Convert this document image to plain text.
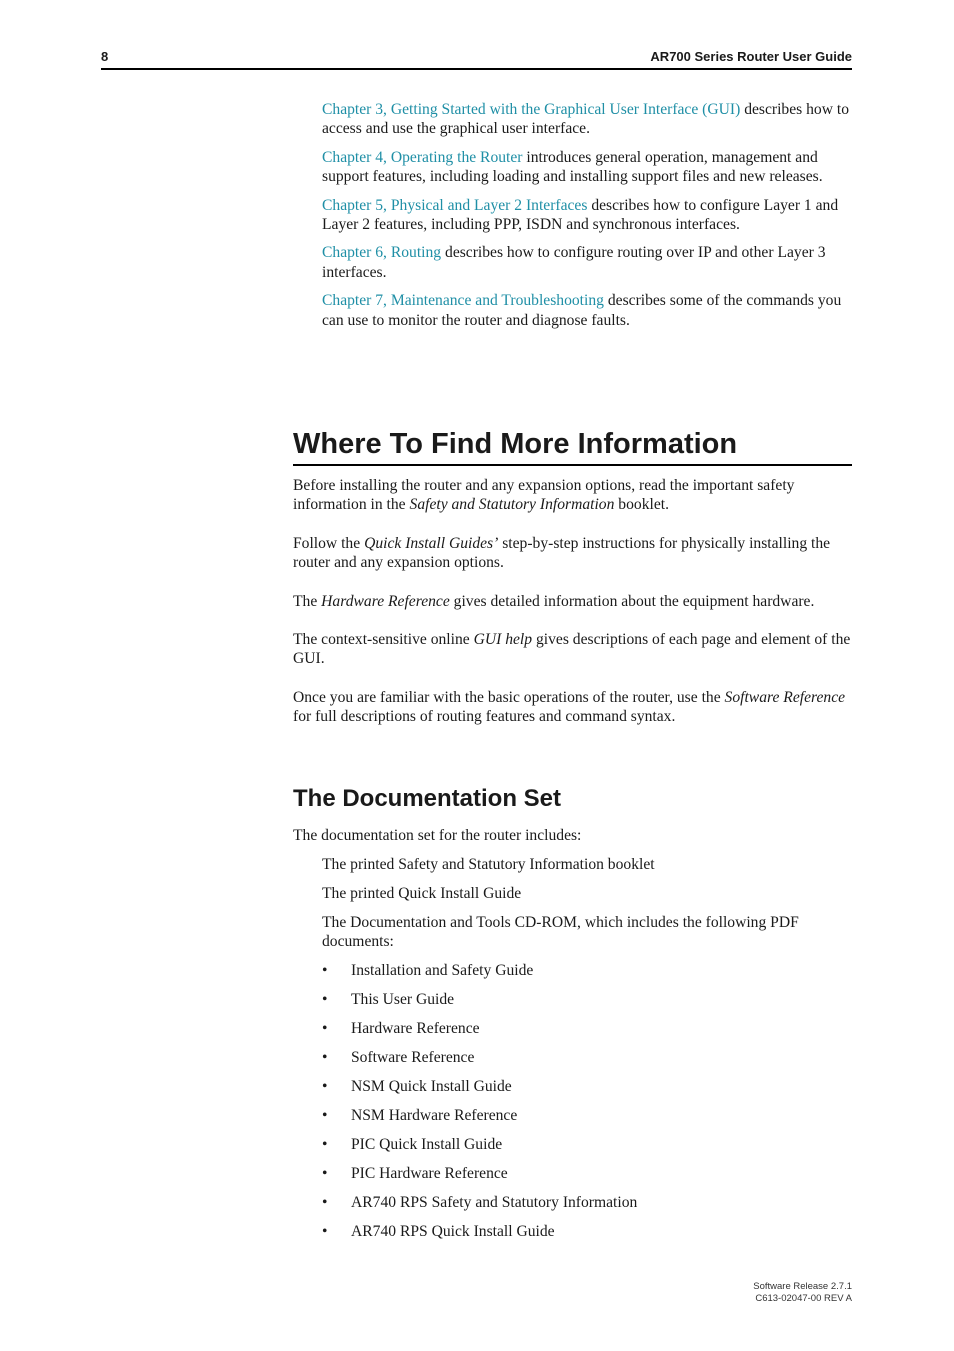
8	AR700 Series Router User Guide

Chapter 3, Getting Started with the Graphical User Interface (GUI) describes how to access and use the graphical user interface.

Chapter 4, Operating the Router introduces general operation, management and support features, including loading and installing support files and new releases.

Chapter 5, Physical and Layer 2 Interfaces describes how to configure Layer 1 and Layer 2 features, including PPP, ISDN and synchronous interfaces.

Chapter 6, Routing describes how to configure routing over IP and other Layer 3 interfaces.

Chapter 7, Maintenance and Troubleshooting describes some of the commands you can use to monitor the router and diagnose faults.

Where To Find More Information

Before installing the router and any expansion options, read the important safety information in the Safety and Statutory Information booklet.

Follow the Quick Install Guides’ step-by-step instructions for physically installing the router and any expansion options.

The Hardware Reference gives detailed information about the equipment hardware.

The context-sensitive online GUI help gives descriptions of each page and element of the GUI.

Once you are familiar with the basic operations of the router, use the Software Reference for full descriptions of routing features and command syntax.

The Documentation Set

The documentation set for the router includes:

The printed Safety and Statutory Information booklet

The printed Quick Install Guide

The Documentation and Tools CD-ROM, which includes the following PDF documents:

• Installation and Safety Guide
• This User Guide
• Hardware Reference
• Software Reference
• NSM Quick Install Guide
• NSM Hardware Reference
• PIC Quick Install Guide
• PIC Hardware Reference
• AR740 RPS Safety and Statutory Information
• AR740 RPS Quick Install Guide
Software Release 2.7.1
C613-02047-00 REV A
